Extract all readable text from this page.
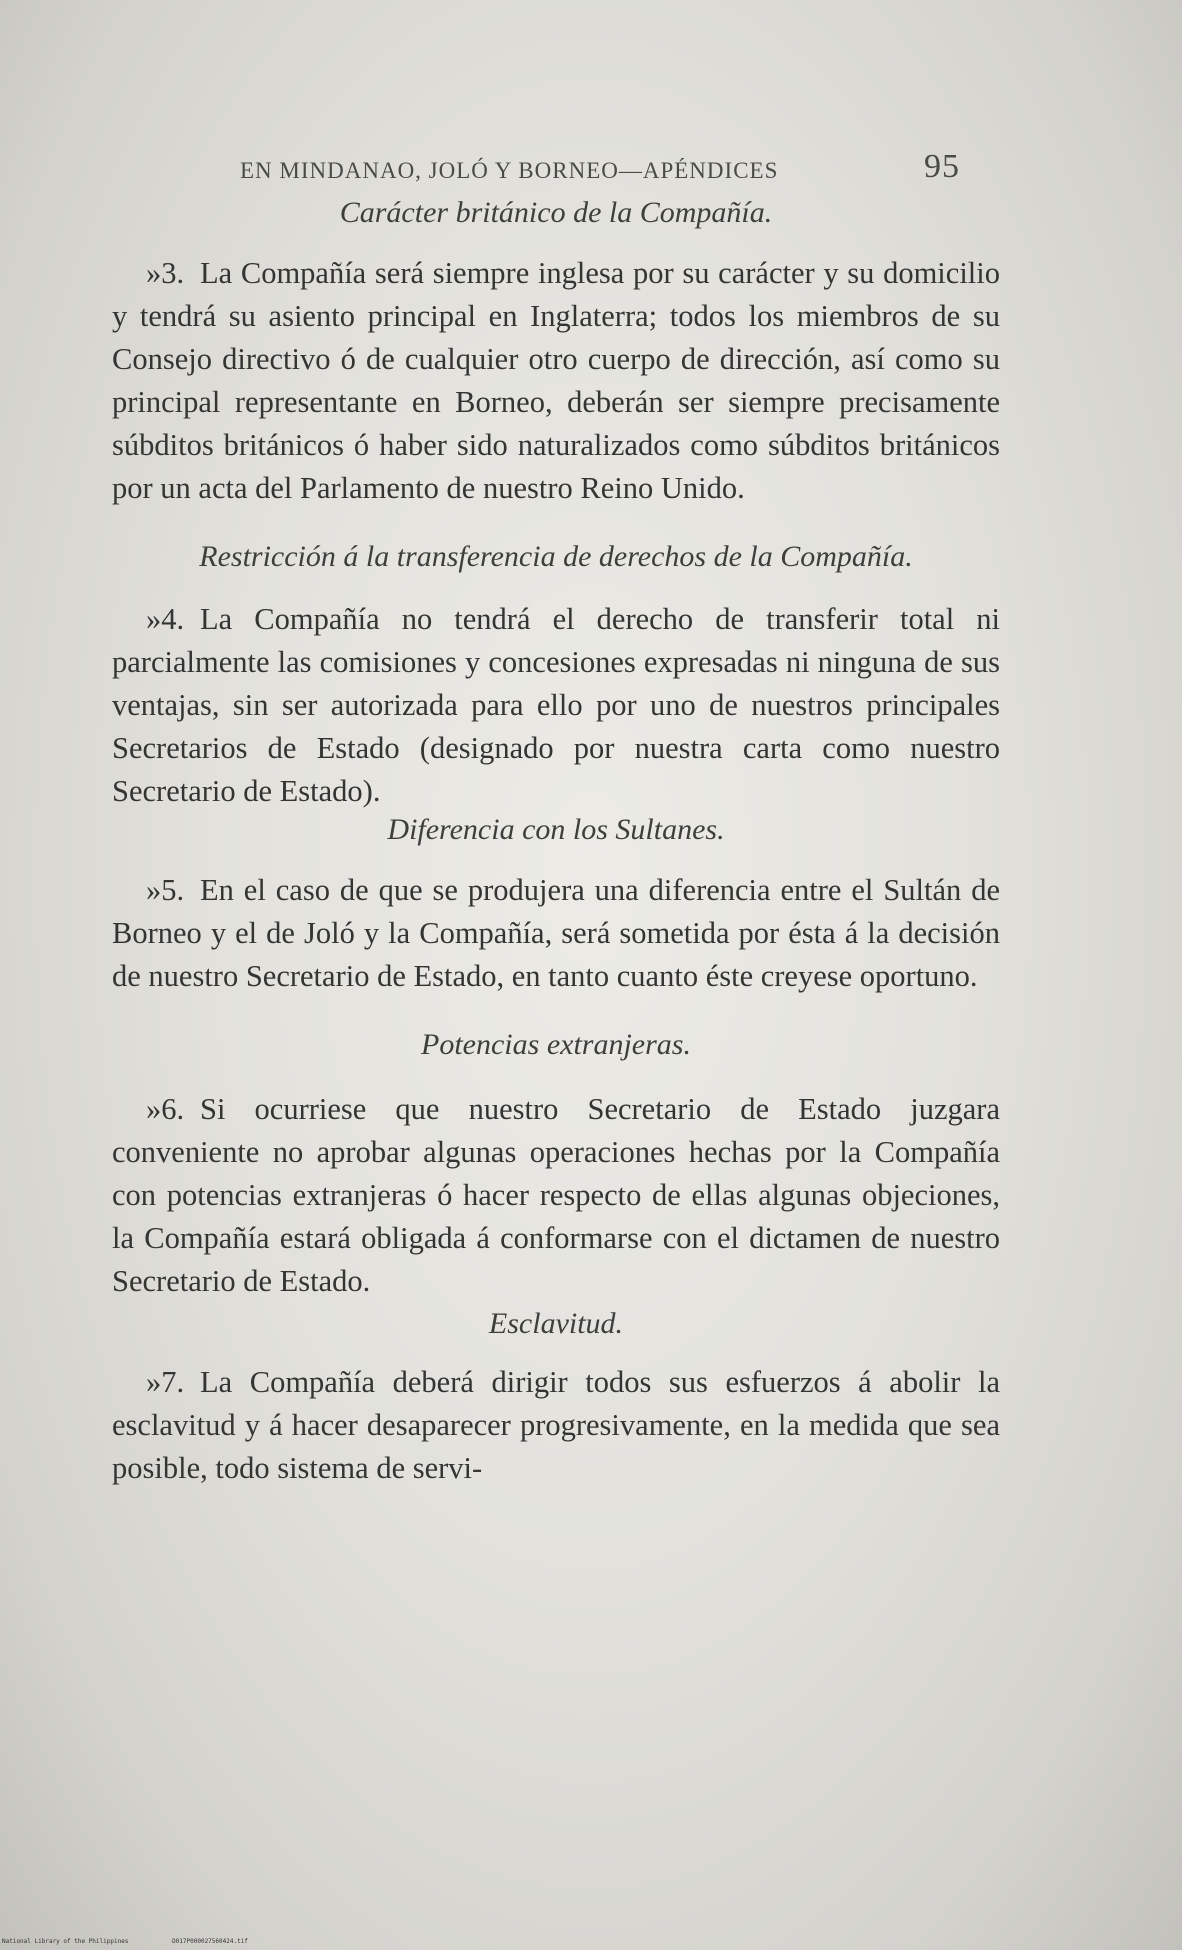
EN MINDANAO, JOLÓ Y BORNEO—APÉNDICES	95

Carácter británico de la Compañía.

»3. La Compañía será siempre inglesa por su carácter y su domicilio y tendrá su asiento principal en Inglaterra; todos los miembros de su Consejo directivo ó de cualquier otro cuerpo de dirección, así como su principal representante en Borneo, deberán ser siempre precisamente súbditos británicos ó haber sido naturalizados como súbditos británicos por un acta del Parlamento de nuestro Reino Unido.

Restricción á la transferencia de derechos de la Compañía.

»4. La Compañía no tendrá el derecho de transferir total ni parcialmente las comisiones y concesiones expresadas ni ninguna de sus ventajas, sin ser autorizada para ello por uno de nuestros principales Secretarios de Estado (designado por nuestra carta como nuestro Secretario de Estado).

Diferencia con los Sultanes.

»5. En el caso de que se produjera una diferencia entre el Sultán de Borneo y el de Joló y la Compañía, será sometida por ésta á la decisión de nuestro Secretario de Estado, en tanto cuanto éste creyese oportuno.

Potencias extranjeras.

»6. Si ocurriese que nuestro Secretario de Estado juzgara conveniente no aprobar algunas operaciones hechas por la Compañía con potencias extranjeras ó hacer respecto de ellas algunas objeciones, la Compañía estará obligada á conformarse con el dictamen de nuestro Secretario de Estado.

Esclavitud.

»7. La Compañía deberá dirigir todos sus esfuerzos á abolir la esclavitud y á hacer desaparecer progresivamente, en la medida que sea posible, todo sistema de servi-

National Library of the Philippines	D017P000027560424.tif
